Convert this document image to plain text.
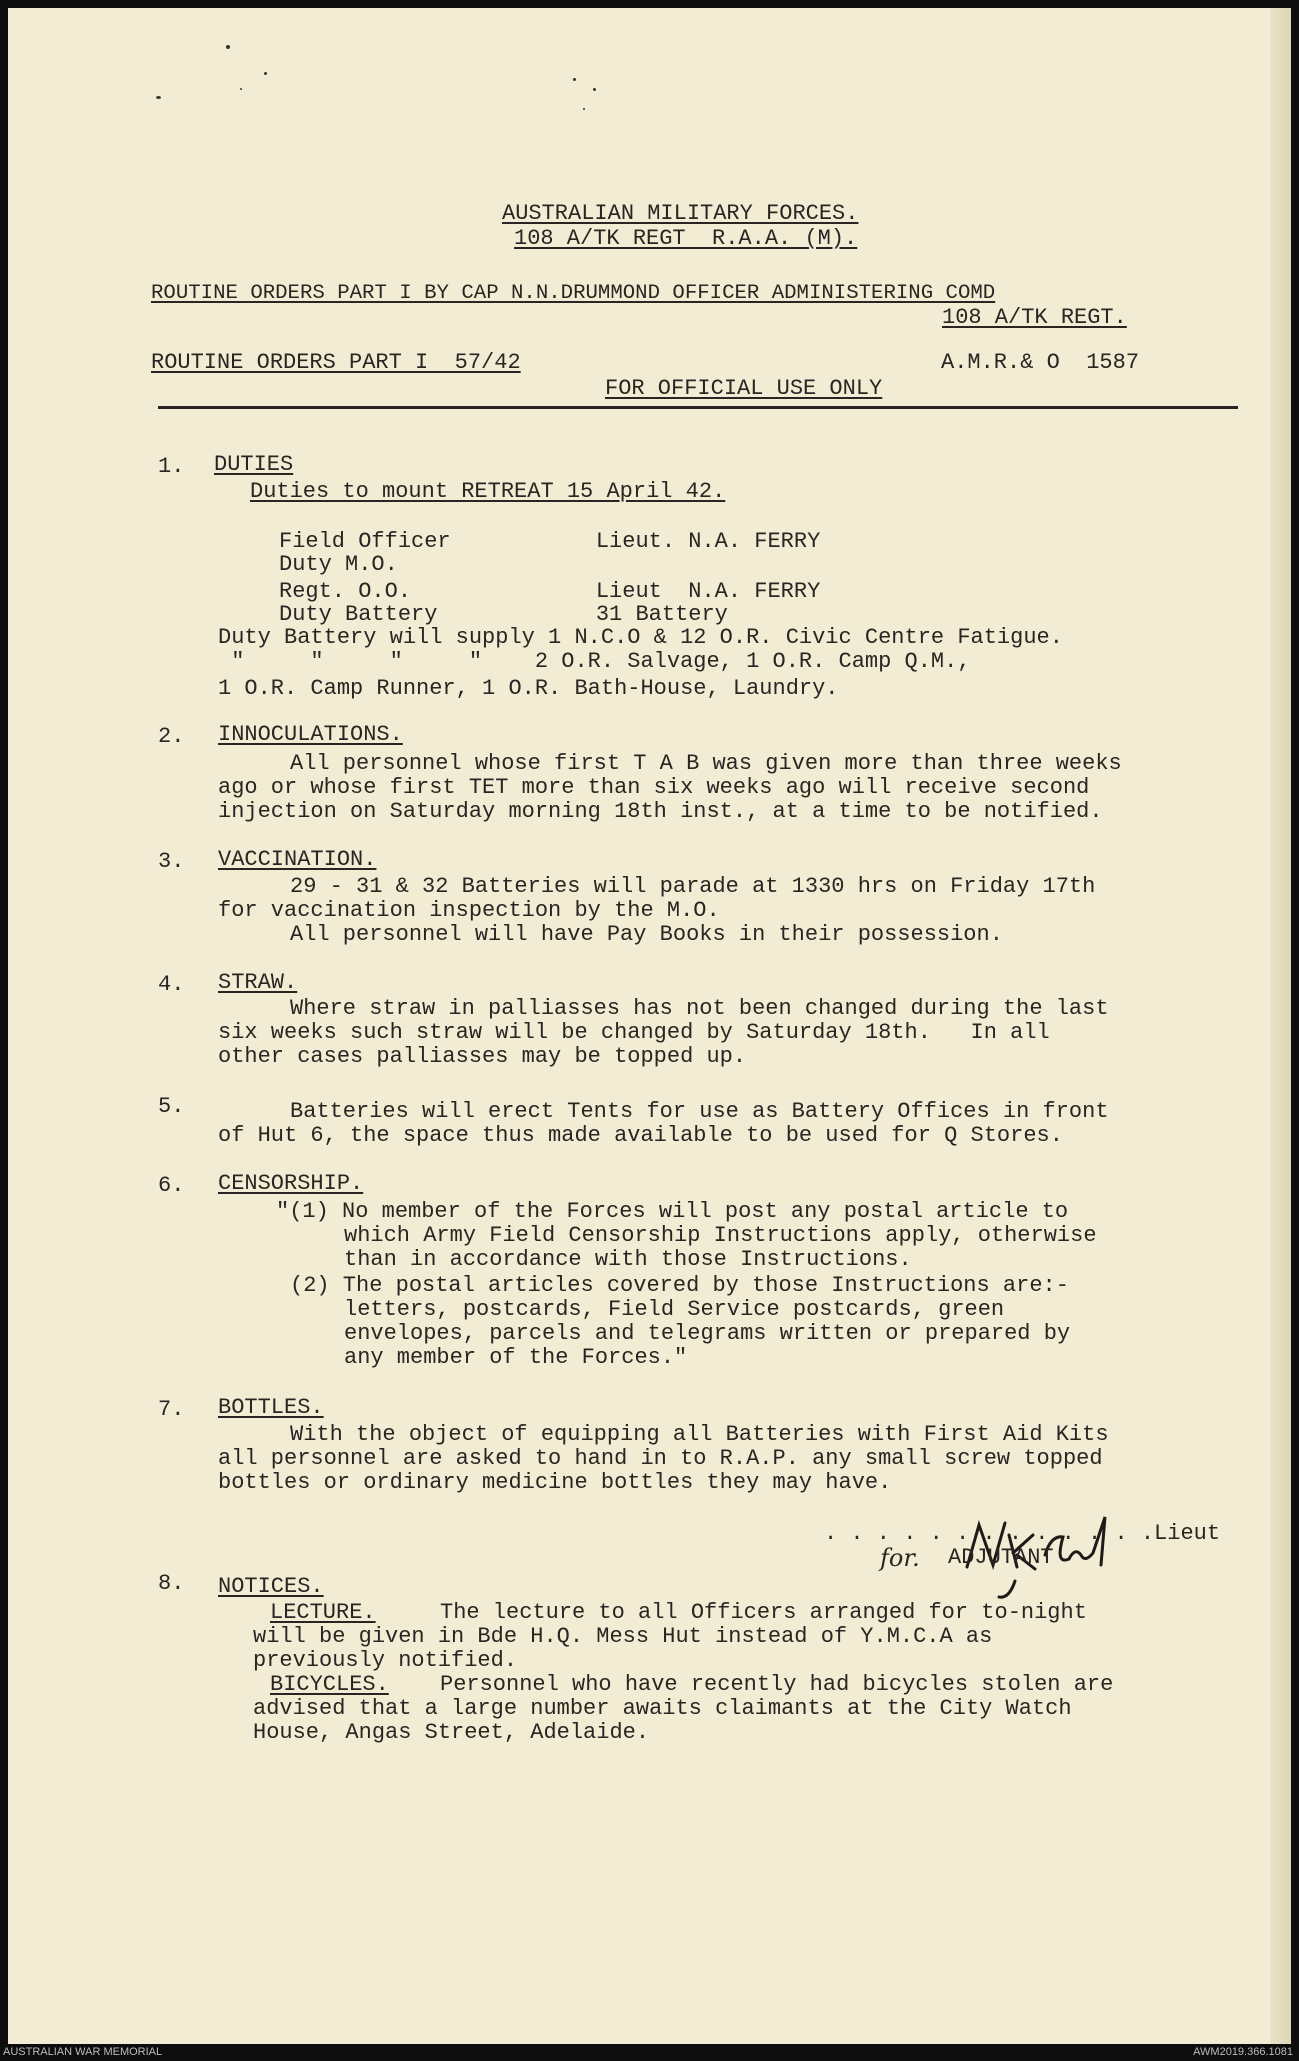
AUSTRALIAN MILITARY FORCES.
108 A/TK REGT  R.A.A. (M).
ROUTINE ORDERS PART I BY CAP N.N.DRUMMOND OFFICER ADMINISTERING COMD
108 A/TK REGT.
ROUTINE ORDERS PART I  57/42	A.M.R.& O  1587
FOR OFFICIAL USE ONLY
1. DUTIES
Duties to mount RETREAT 15 April 42.
Field Officer           Lieut. N.A. FERRY
Duty M.O.
Regt. O.O.              Lieut  N.A. FERRY
Duty Battery            31 Battery
Duty Battery will supply 1 N.C.O & 12 O.R. Civic Centre Fatigue.
"     "     "     "    2 O.R. Salvage, 1 O.R. Camp Q.M.,
1 O.R. Camp Runner, 1 O.R. Bath-House, Laundry.
2. INNOCULATIONS.
All personnel whose first T A B was given more than three weeks
ago or whose first TET more than six weeks ago will receive second
injection on Saturday morning 18th inst., at a time to be notified.
3. VACCINATION.
29 - 31 & 32 Batteries will parade at 1330 hrs on Friday 17th
for vaccination inspection by the M.O.
All personnel will have Pay Books in their possession.
4. STRAW.
Where straw in palliasses has not been changed during the last
six weeks such straw will be changed by Saturday 18th.   In all
other cases palliasses may be topped up.
5.	Batteries will erect Tents for use as Battery Offices in front
of Hut 6, the space thus made available to be used for Q Stores.
6. CENSORSHIP.
"(1) No member of the Forces will post any postal article to
which Army Field Censorship Instructions apply, otherwise
than in accordance with those Instructions.
(2) The postal articles covered by those Instructions are:-
letters, postcards, Field Service postcards, green
envelopes, parcels and telegrams written or prepared by
any member of the Forces."
7. BOTTLES.
With the object of equipping all Batteries with First Aid Kits
all personnel are asked to hand in to R.A.P. any small screw topped
bottles or ordinary medicine bottles they may have.
. . . . . . . . . . . . .Lieut

for. ADJUTANT
8. NOTICES.
LECTURE.	The lecture to all Officers arranged for to-night
will be given in Bde H.Q. Mess Hut instead of Y.M.C.A as
previously notified.
BICYCLES. Personnel who have recently had bicycles stolen are
advised that a large number awaits claimants at the City Watch
House, Angas Street, Adelaide.
AUSTRALIAN WAR MEMORIAL	AWM2019.366.1081
